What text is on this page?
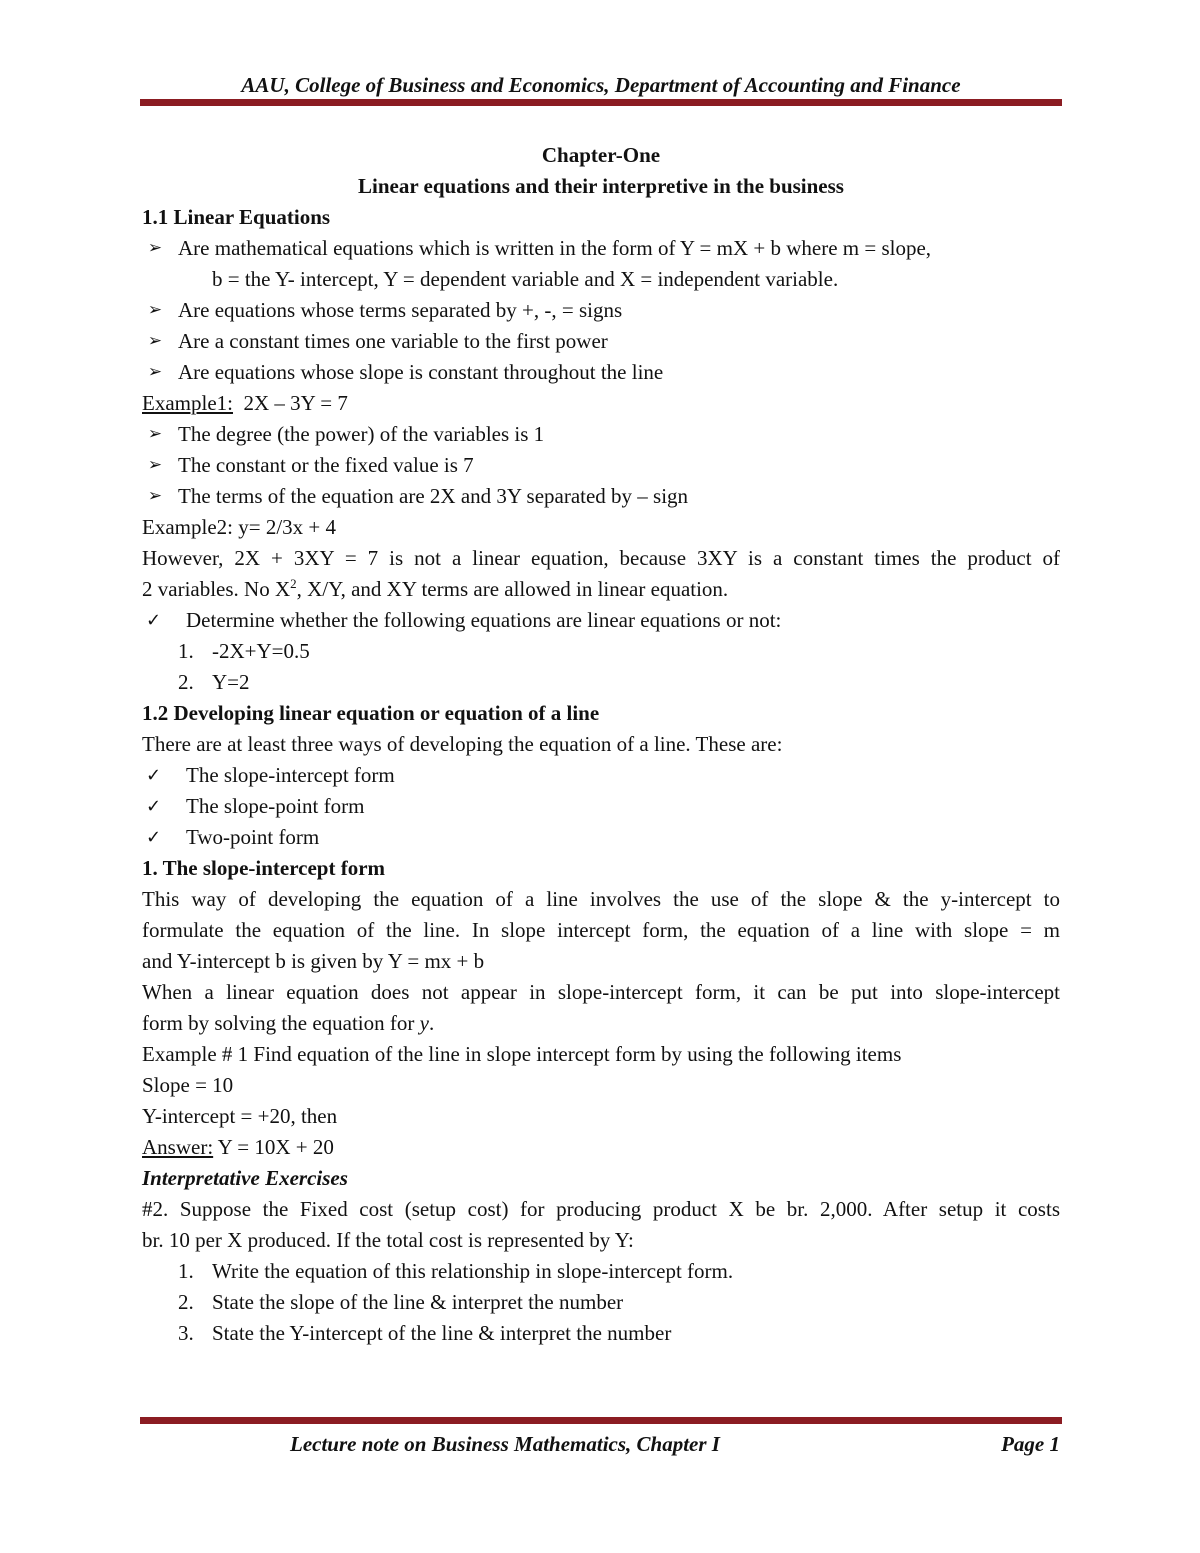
AAU, College of Business and Economics, Department of Accounting and Finance
Chapter-One
Linear equations and their interpretive in the business
1.1 Linear Equations
➢ Are mathematical equations which is written in the form of Y = mX + b where m = slope,
b = the Y- intercept, Y = dependent variable and X = independent variable.
➢ Are equations whose terms separated by +, -, = signs
➢ Are a constant times one variable to the first power
➢ Are equations whose slope is constant throughout the line
Example1: 2X – 3Y = 7
➢ The degree (the power) of the variables is 1
➢ The constant or the fixed value is 7
➢ The terms of the equation are 2X and 3Y separated by – sign
Example2: y= 2/3x + 4
However, 2X + 3XY = 7 is not a linear equation, because 3XY is a constant times the product of
2 variables. No $X^2$, X/Y, and XY terms are allowed in linear equation.
✓	Determine whether the following equations are linear equations or not:
1. -2X+Y=0.5
2. Y=2
1.2 Developing linear equation or equation of a line
There are at least three ways of developing the equation of a line. These are:
✓	The slope-intercept form
✓	The slope-point form
✓	Two-point form
1. The slope-intercept form
This way of developing the equation of a line involves the use of the slope & the y-intercept to
formulate the equation of the line. In slope intercept form, the equation of a line with slope = m
and Y-intercept b is given by Y = mx + b
When a linear equation does not appear in slope-intercept form, it can be put into slope-intercept
form by solving the equation for y.
Example # 1 Find equation of the line in slope intercept form by using the following items
Slope = 10
Y-intercept = +20, then
Answer: Y = 10X + 20
Interpretative Exercises
#2. Suppose the Fixed cost (setup cost) for producing product X be br. 2,000. After setup it costs
br. 10 per X produced. If the total cost is represented by Y:
1. Write the equation of this relationship in slope-intercept form.
2. State the slope of the line & interpret the number
3. State the Y-intercept of the line & interpret the number
Lecture note on Business Mathematics, Chapter I	Page 1
